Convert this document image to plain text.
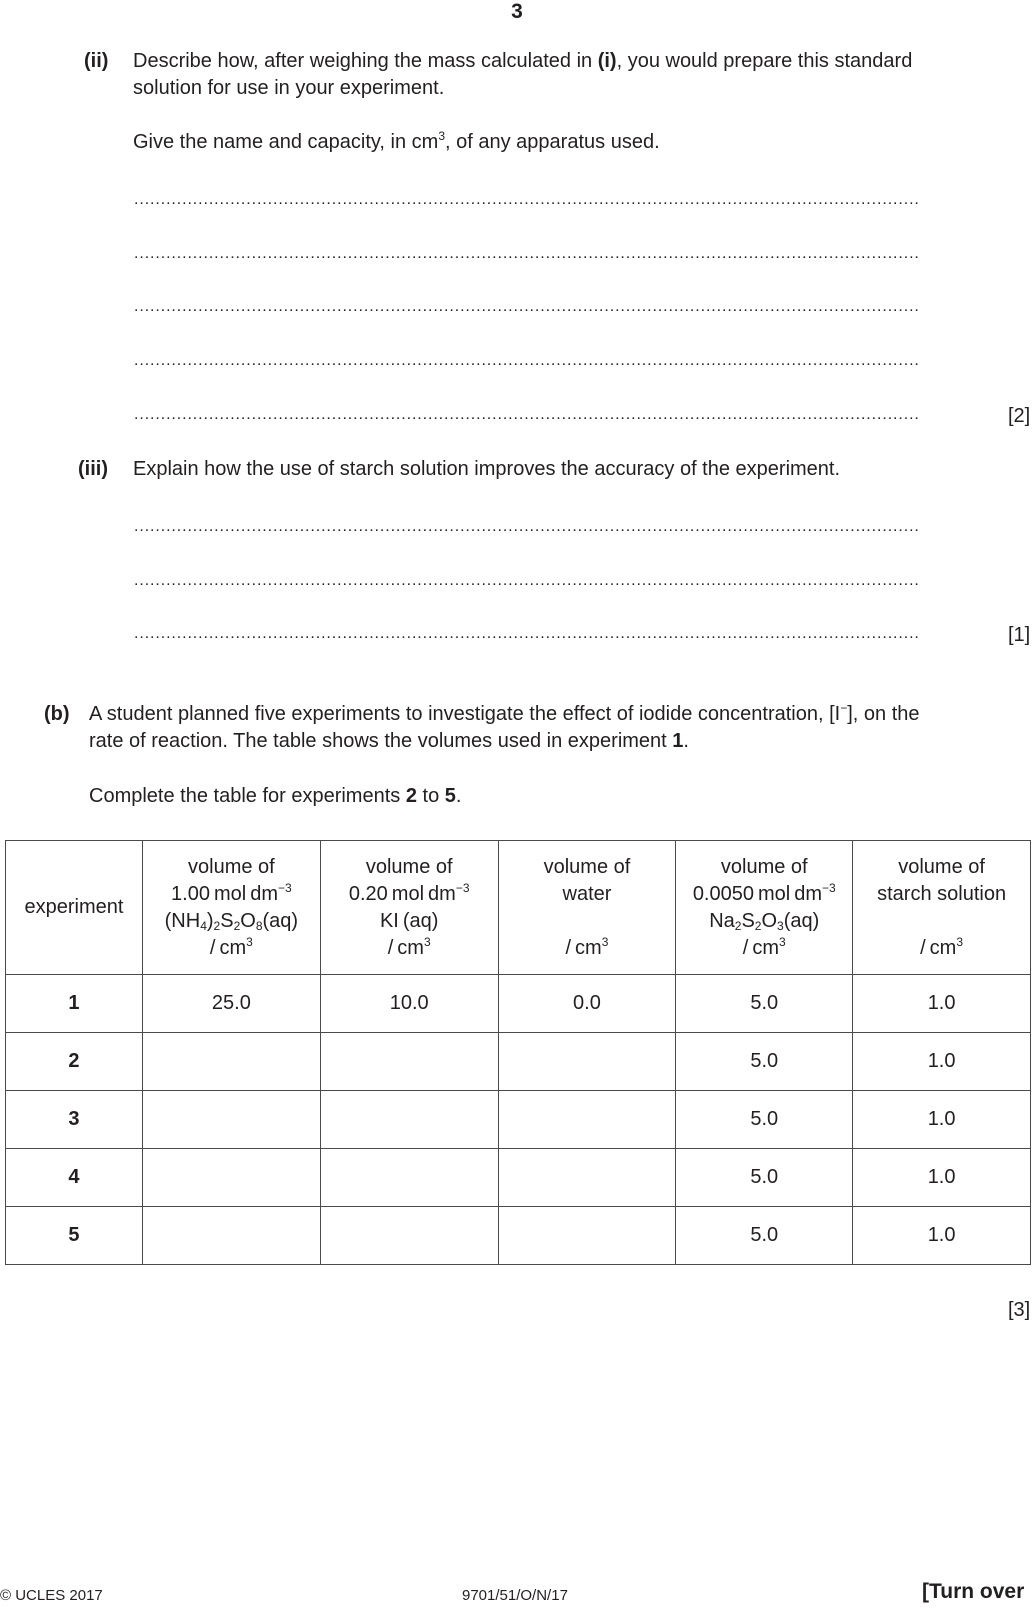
3
(ii) Describe how, after weighing the mass calculated in (i), you would prepare this standard
solution for use in your experiment.
Give the name and capacity, in $cm^3$, of any apparatus used.
...................................................................................................................................................
...................................................................................................................................................
...................................................................................................................................................
...................................................................................................................................................
...................................................................................................................................................	[2]
(iii) Explain how the use of starch solution improves the accuracy of the experiment.
...................................................................................................................................................
...................................................................................................................................................
...................................................................................................................................................	[1]
(b) A student planned five experiments to investigate the effect of iodide concentration, [I−], on the
rate of reaction. The table shows the volumes used in experiment 1.
Complete the table for experiments 2 to 5.
experiment	volume of
1.00 mol $dm^{-3}$
$(NH_4)_2S_2O_8(aq)$
/ $cm^3$	volume of
0.20 mol $dm^{-3}$
KI (aq)
/ $cm^3$	volume of
water

/ $cm^3$	volume of
0.0050 mol $dm^{-3}$
$Na_2S_2O_3(aq)$
/ $cm^3$	volume of
starch solution

/ $cm^3$
1	25.0	10.0	0.0	5.0	1.0
2				5.0	1.0
3				5.0	1.0
4				5.0	1.0
5				5.0	1.0
[3]
© UCLES 2017	9701/51/O/N/17	[Turn over
